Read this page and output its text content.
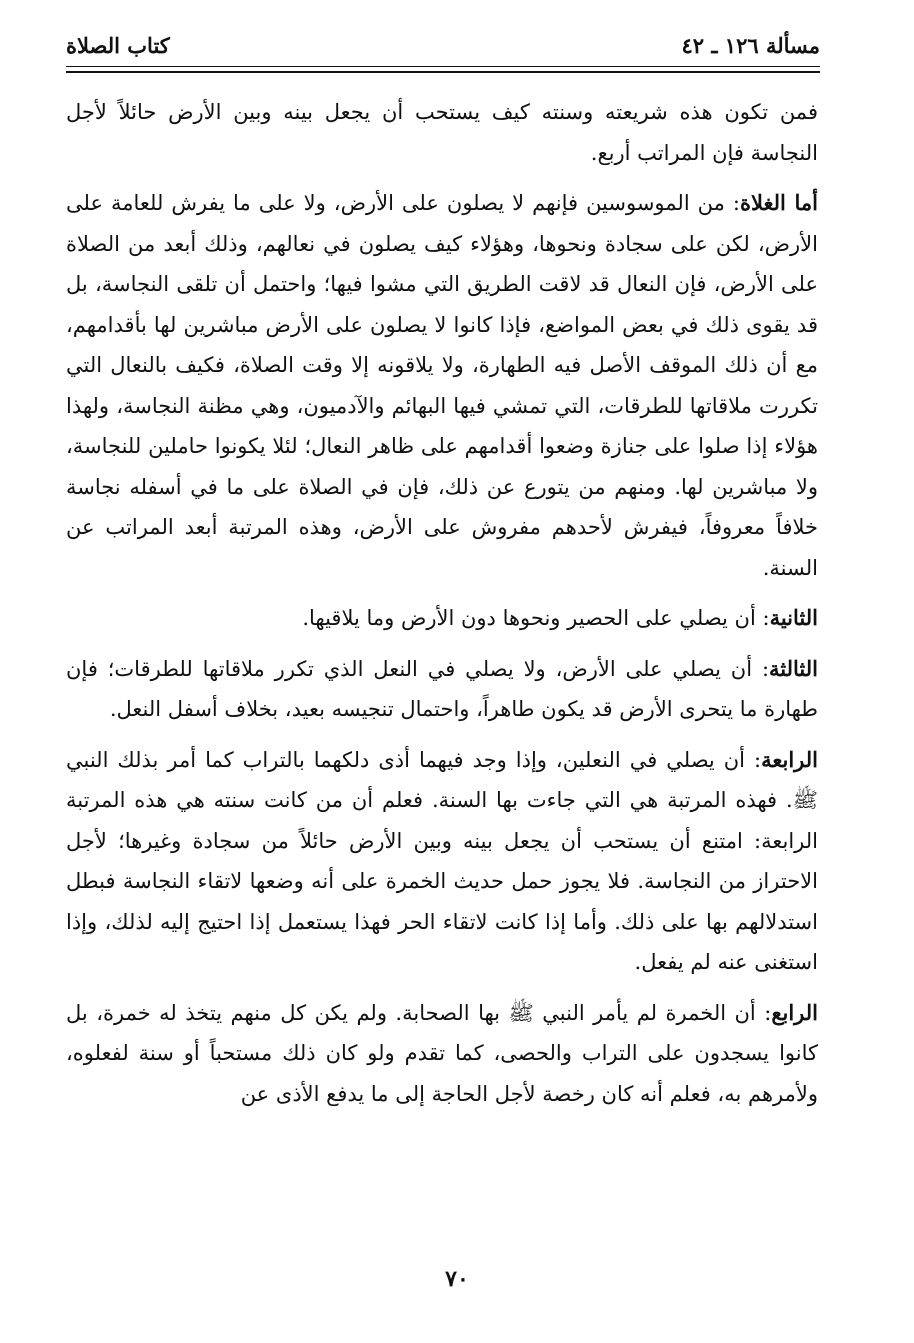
مسألة ١٢٦ ـ ٤٢
كتاب الصلاة

فمن تكون هذه شريعته وسنته كيف يستحب أن يجعل بينه وبين الأرض حائلاً لأجل النجاسة فإن المراتب أربع.

أما الغلاة: من الموسوسين فإنهم لا يصلون على الأرض، ولا على ما يفرش للعامة على الأرض، لكن على سجادة ونحوها، وهؤلاء كيف يصلون في نعالهم، وذلك أبعد من الصلاة على الأرض، فإن النعال قد لاقت الطريق التي مشوا فيها؛ واحتمل أن تلقى النجاسة، بل قد يقوى ذلك في بعض المواضع، فإذا كانوا لا يصلون على الأرض مباشرين لها بأقدامهم، مع أن ذلك الموقف الأصل فيه الطهارة، ولا يلاقونه إلا وقت الصلاة، فكيف بالنعال التي تكررت ملاقاتها للطرقات، التي تمشي فيها البهائم والآدميون، وهي مظنة النجاسة، ولهذا هؤلاء إذا صلوا على جنازة وضعوا أقدامهم على ظاهر النعال؛ لئلا يكونوا حاملين للنجاسة، ولا مباشرين لها. ومنهم من يتورع عن ذلك، فإن في الصلاة على ما في أسفله نجاسة خلافاً معروفاً، فيفرش لأحدهم مفروش على الأرض، وهذه المرتبة أبعد المراتب عن السنة.

الثانية: أن يصلي على الحصير ونحوها دون الأرض وما يلاقيها.

الثالثة: أن يصلي على الأرض، ولا يصلي في النعل الذي تكرر ملاقاتها للطرقات؛ فإن طهارة ما يتحرى الأرض قد يكون طاهراً، واحتمال تنجيسه بعيد، بخلاف أسفل النعل.

الرابعة: أن يصلي في النعلين، وإذا وجد فيهما أذى دلكهما بالتراب كما أمر بذلك النبي ﷺ. فهذه المرتبة هي التي جاءت بها السنة. فعلم أن من كانت سنته هي هذه المرتبة الرابعة: امتنع أن يستحب أن يجعل بينه وبين الأرض حائلاً من سجادة وغيرها؛ لأجل الاحتراز من النجاسة. فلا يجوز حمل حديث الخمرة على أنه وضعها لاتقاء النجاسة فبطل استدلالهم بها على ذلك. وأما إذا كانت لاتقاء الحر فهذا يستعمل إذا احتيج إليه لذلك، وإذا استغنى عنه لم يفعل.

الرابع: أن الخمرة لم يأمر النبي ﷺ بها الصحابة. ولم يكن كل منهم يتخذ له خمرة، بل كانوا يسجدون على التراب والحصى، كما تقدم ولو كان ذلك مستحباً أو سنة لفعلوه، ولأمرهم به، فعلم أنه كان رخصة لأجل الحاجة إلى ما يدفع الأذى عن

٧٠
